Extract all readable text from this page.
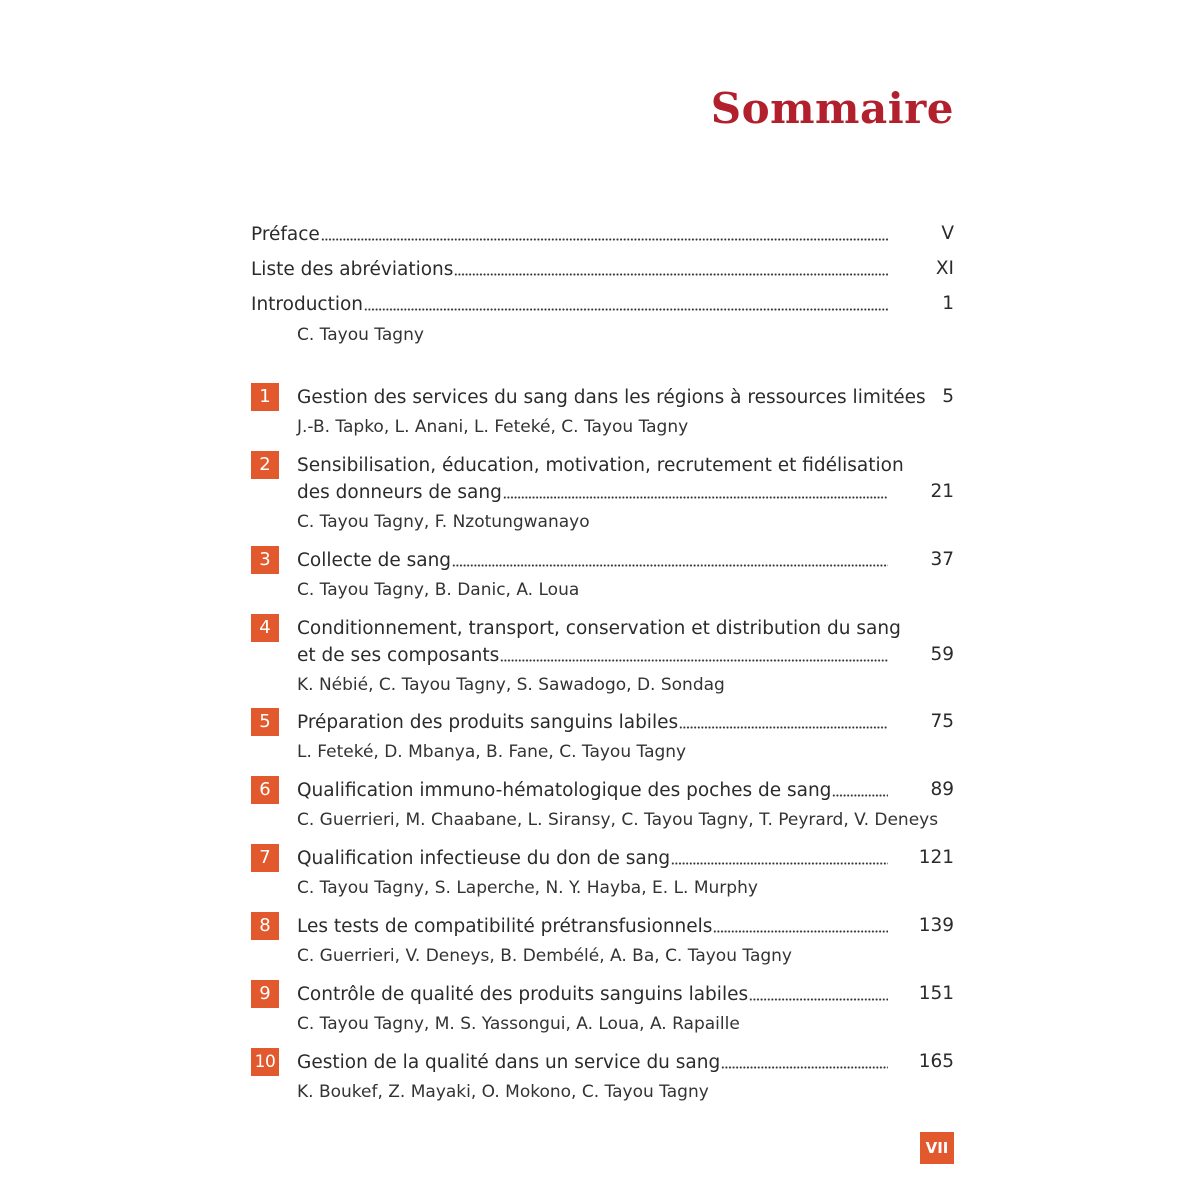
Sommaire
Préface	V
Liste des abréviations	XI
Introduction	1
C. Tayou Tagny
1	Gestion des services du sang dans les régions à ressources limitées 5
J.-B. Tapko, L. Anani, L. Feteké, C. Tayou Tagny
2	Sensibilisation, éducation, motivation, recrutement et fidélisation
des donneurs de sang	21
C. Tayou Tagny, F. Nzotungwanayo
3	Collecte de sang	37
C. Tayou Tagny, B. Danic, A. Loua
4	Conditionnement, transport, conservation et distribution du sang
et de ses composants	59
K. Nébié, C. Tayou Tagny, S. Sawadogo, D. Sondag
5	Préparation des produits sanguins labiles	75
L. Feteké, D. Mbanya, B. Fane, C. Tayou Tagny
6	Qualification immuno-hématologique des poches de sang	89
C. Guerrieri, M. Chaabane, L. Siransy, C. Tayou Tagny, T. Peyrard, V. Deneys
7	Qualification infectieuse du don de sang	121
C. Tayou Tagny, S. Laperche, N. Y. Hayba, E. L. Murphy
8	Les tests de compatibilité prétransfusionnels	139
C. Guerrieri, V. Deneys, B. Dembélé, A. Ba, C. Tayou Tagny
9	Contrôle de qualité des produits sanguins labiles	151
C. Tayou Tagny, M. S. Yassongui, A. Loua, A. Rapaille
10 Gestion de la qualité dans un service du sang	165
K. Boukef, Z. Mayaki, O. Mokono, C. Tayou Tagny
VII
